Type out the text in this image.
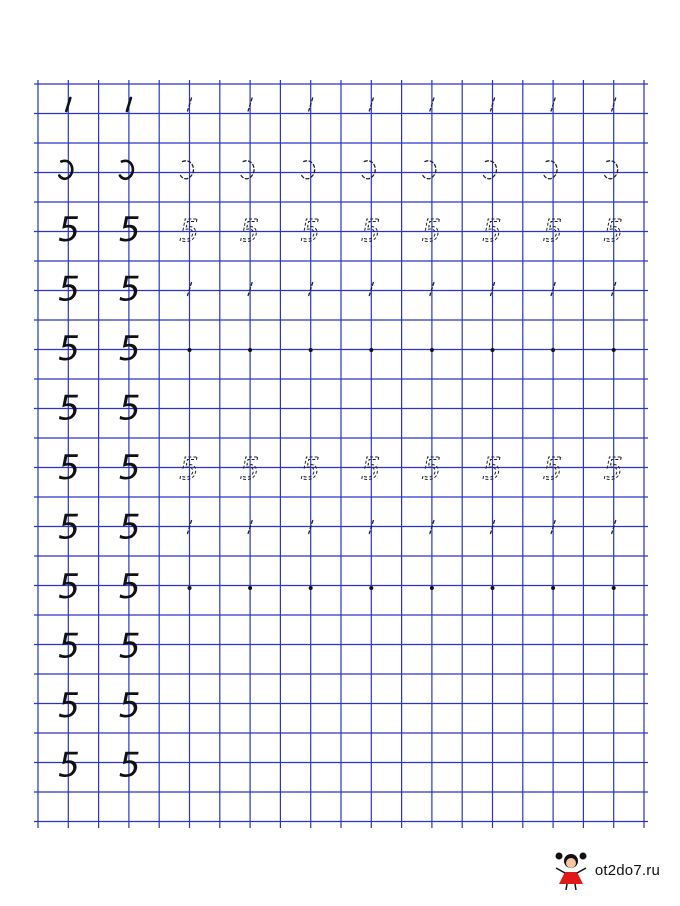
5 5
5 5
5 5
5 5
5 5
5 5
5 5
5 5
5 5
5 5
5 5 5 5 5 5 5 5
5 5 5 5 5 5 5 5
ot2do7.ru
